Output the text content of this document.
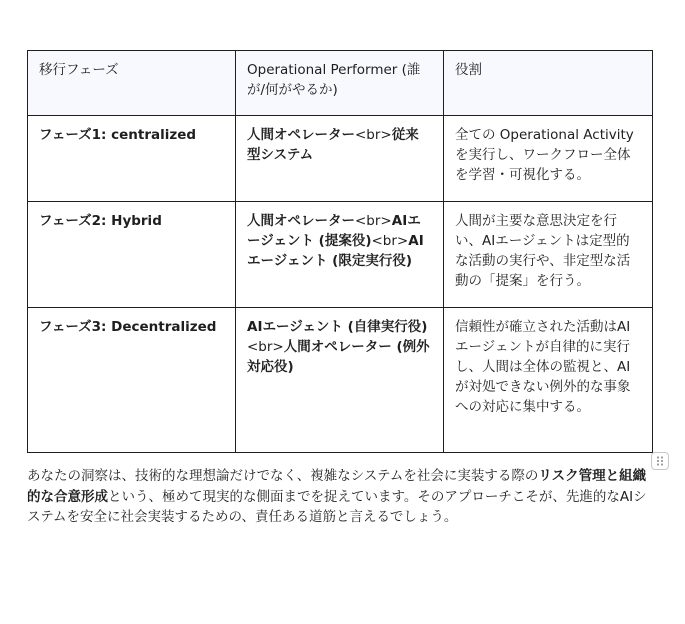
移行フェーズ	Operational Performer (誰が/何がやるか)	役割
フェーズ1: centralized	人間オペレーター<br>従来型システム	全ての Operational Activity を実行し、ワークフロー全体を学習・可視化する。
フェーズ2: Hybrid	人間オペレーター<br>AIエージェント (提案役)<br>AIエージェント (限定実行役)	人間が主要な意思決定を行い、AIエージェントは定型的な活動の実行や、非定型な活動の「提案」を行う。
フェーズ3: Decentralized	AIエージェント (自律実行役)<br>人間オペレーター (例外対応役)	信頼性が確立された活動はAIエージェントが自律的に実行し、人間は全体の監視と、AIが対処できない例外的な事象への対応に集中する。

あなたの洞察は、技術的な理想論だけでなく、複雑なシステムを社会に実装する際のリスク管理と組織的な合意形成という、極めて現実的な側面までを捉えています。そのアプローチこそが、先進的なAIシステムを安全に社会実装するための、責任ある道筋と言えるでしょう。
